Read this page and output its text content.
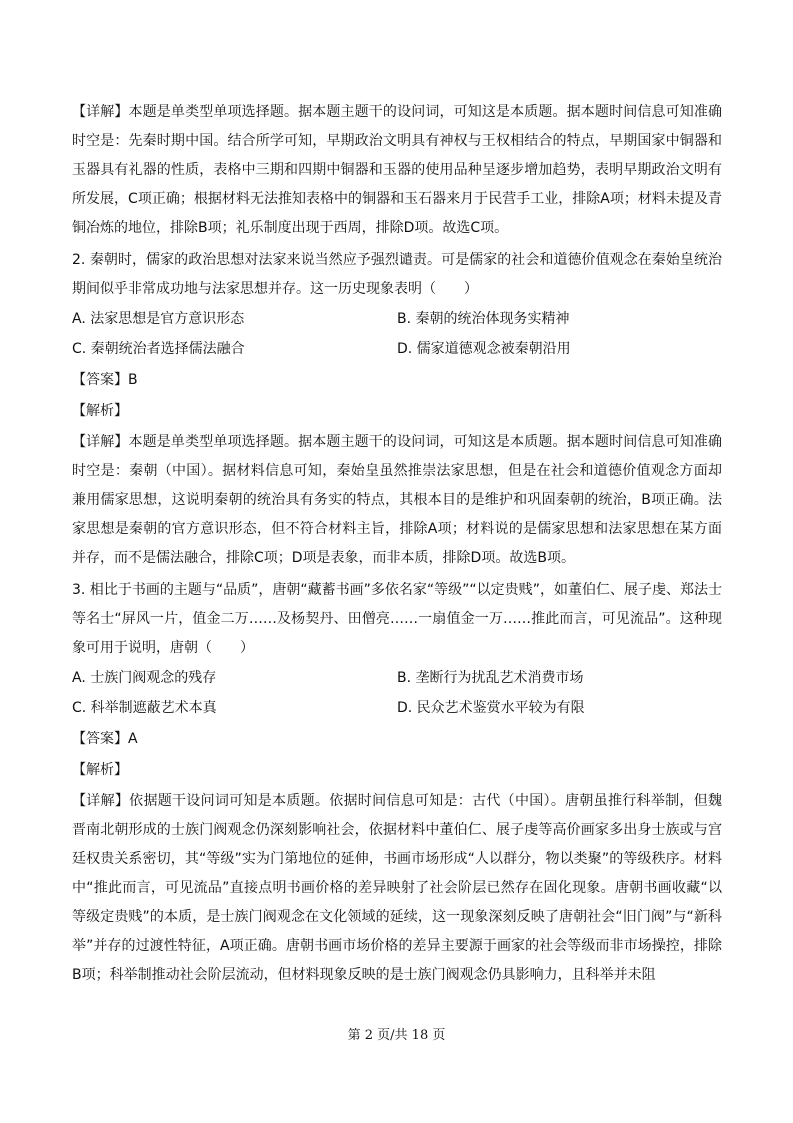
【详解】本题是单类型单项选择题。据本题主题干的设问词，可知这是本质题。据本题时间信息可知准确时空是：先秦时期中国。结合所学可知，早期政治文明具有神权与王权相结合的特点，早期国家中铜器和玉器具有礼器的性质，表格中三期和四期中铜器和玉器的使用品种呈逐步增加趋势，表明早期政治文明有所发展，C项正确；根据材料无法推知表格中的铜器和玉石器来月于民营手工业，排除A项；材料未提及青铜冶炼的地位，排除B项；礼乐制度出现于西周，排除D项。故选C项。

2. 秦朝时，儒家的政治思想对法家来说当然应予强烈谴责。可是儒家的社会和道德价值观念在秦始皇统治期间似乎非常成功地与法家思想并存。这一历史现象表明（　　）

A. 法家思想是官方意识形态	B. 秦朝的统治体现务实精神
C. 秦朝统治者选择儒法融合	D. 儒家道德观念被秦朝沿用

【答案】B

【解析】

【详解】本题是单类型单项选择题。据本题主题干的设问词，可知这是本质题。据本题时间信息可知准确时空是：秦朝（中国）。据材料信息可知，秦始皇虽然推崇法家思想，但是在社会和道德价值观念方面却兼用儒家思想，这说明秦朝的统治具有务实的特点，其根本目的是维护和巩固秦朝的统治，B项正确。法家思想是秦朝的官方意识形态，但不符合材料主旨，排除A项；材料说的是儒家思想和法家思想在某方面并存，而不是儒法融合，排除C项；D项是表象，而非本质，排除D项。故选B项。

3. 相比于书画的主题与“品质”，唐朝“藏蓄书画”多依名家“等级”“以定贵贱”，如董伯仁、展子虔、郑法士等名士“屏风一片，值金二万……及杨契丹、田僧亮……一扇值金一万……推此而言，可见流品”。这种现象可用于说明，唐朝（　　）

A. 士族门阀观念的残存	B. 垄断行为扰乱艺术消费市场
C. 科举制遮蔽艺术本真	D. 民众艺术鉴赏水平较为有限

【答案】A

【解析】

【详解】依据题干设问词可知是本质题。依据时间信息可知是：古代（中国）。唐朝虽推行科举制，但魏晋南北朝形成的士族门阀观念仍深刻影响社会，依据材料中董伯仁、展子虔等高价画家多出身士族或与宫廷权贵关系密切，其“等级”实为门第地位的延伸，书画市场形成“人以群分，物以类聚”的等级秩序。材料中“推此而言，可见流品”直接点明书画价格的差异映射了社会阶层已然存在固化现象。唐朝书画收藏“以等级定贵贱”的本质，是士族门阀观念在文化领域的延续，这一现象深刻反映了唐朝社会“旧门阀”与“新科举”并存的过渡性特征，A项正确。唐朝书画市场价格的差异主要源于画家的社会等级而非市场操控，排除B项；科举制推动社会阶层流动，但材料现象反映的是士族门阀观念仍具影响力，且科举并未阻

第 2 页/共 18 页
